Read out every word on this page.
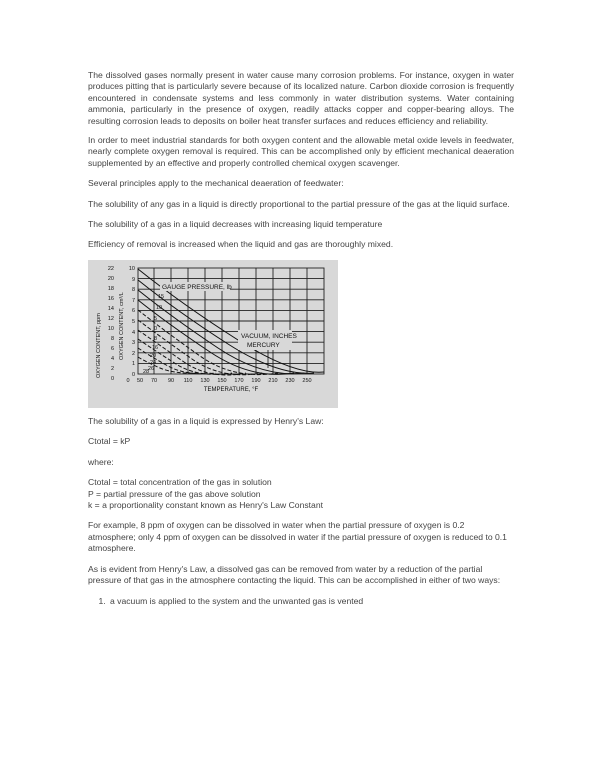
The dissolved gases normally present in water cause many corrosion problems. For instance, oxygen in water produces pitting that is particularly severe because of its localized nature. Carbon dioxide corrosion is frequently encountered in condensate systems and less commonly in water distribution systems. Water containing ammonia, particularly in the presence of oxygen, readily attacks copper and copper-bearing alloys. The resulting corrosion leads to deposits on boiler heat transfer surfaces and reduces efficiency and reliability.

In order to meet industrial standards for both oxygen content and the allowable metal oxide levels in feedwater, nearly complete oxygen removal is required. This can be accomplished only by efficient mechanical deaeration supplemented by an effective and properly controlled chemical oxygen scavenger.

Several principles apply to the mechanical deaeration of feedwater:

The solubility of any gas in a liquid is directly proportional to the partial pressure of the gas at the liquid surface.

The solubility of a gas in a liquid decreases with increasing liquid temperature

Efficiency of removal is increased when the liquid and gas are thoroughly mixed.

15
10
5
0
8
16
20
24
26
28
GAUGE PRESSURE, lb
VACUUM, INCHES
MERCURY
22
20
18
16
14
12
10
8
6
4
2
0
10
9
8
7
6
5
4
3
2
1
0
OXYGEN CONTENT, ppm	OXYGEN CONTENT, cm³/L
0 50 70 90 110 130 150 170 190 210 230 250
TEMPERATURE, °F

The solubility of a gas in a liquid is expressed by Henry's Law:

Ctotal = kP

where:

Ctotal = total concentration of the gas in solution

P = partial pressure of the gas above solution

k = a proportionality constant known as Henry's Law Constant

For example, 8 ppm of oxygen can be dissolved in water when the partial pressure of oxygen is 0.2 atmosphere; only 4 ppm of oxygen can be dissolved in water if the partial pressure of oxygen is reduced to 0.1 atmosphere.

As is evident from Henry's Law, a dissolved gas can be removed from water by a reduction of the partial pressure of that gas in the atmosphere contacting the liquid. This can be accomplished in either of two ways:

1. a vacuum is applied to the system and the unwanted gas is vented
